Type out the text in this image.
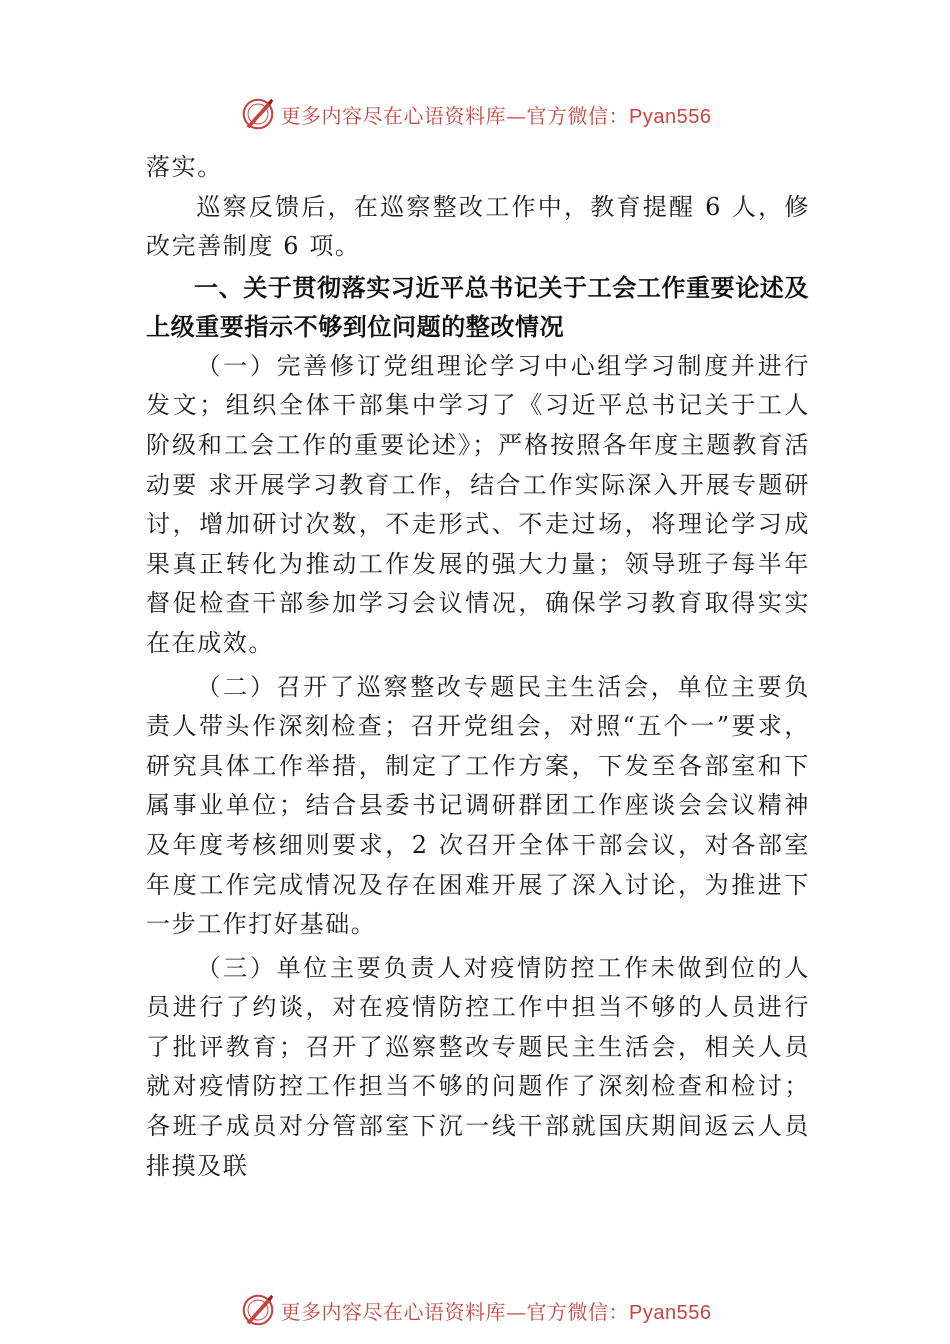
更多内容尽在心语资料库—官方微信：Pyan556

落实。

巡察反馈后，在巡察整改工作中，教育提醒 6 人，修改完善制度 6 项。

一、关于贯彻落实习近平总书记关于工会工作重要论述及上级重要指示不够到位问题的整改情况

（一）完善修订党组理论学习中心组学习制度并进行发文；组织全体干部集中学习了《习近平总书记关于工人阶级和工会工作的重要论述》；严格按照各年度主题教育活动要 求开展学习教育工作，结合工作实际深入开展专题研讨，增加研讨次数，不走形式、不走过场，将理论学习成果真正转化为推动工作发展的强大力量；领导班子每半年督促检查干部参加学习会议情况，确保学习教育取得实实在在成效。

（二）召开了巡察整改专题民主生活会，单位主要负责人带头作深刻检查；召开党组会，对照“五个一”要求，研究具体工作举措，制定了工作方案，下发至各部室和下属事业单位；结合县委书记调研群团工作座谈会会议精神及年度考核细则要求，2 次召开全体干部会议，对各部室年度工作完成情况及存在困难开展了深入讨论，为推进下一步工作打好基础。

（三）单位主要负责人对疫情防控工作未做到位的人员进行了约谈，对在疫情防控工作中担当不够的人员进行了批评教育；召开了巡察整改专题民主生活会，相关人员就对疫情防控工作担当不够的问题作了深刻检查和检讨；各班子成员对分管部室下沉一线干部就国庆期间返云人员排摸及联

更多内容尽在心语资料库—官方微信：Pyan556
